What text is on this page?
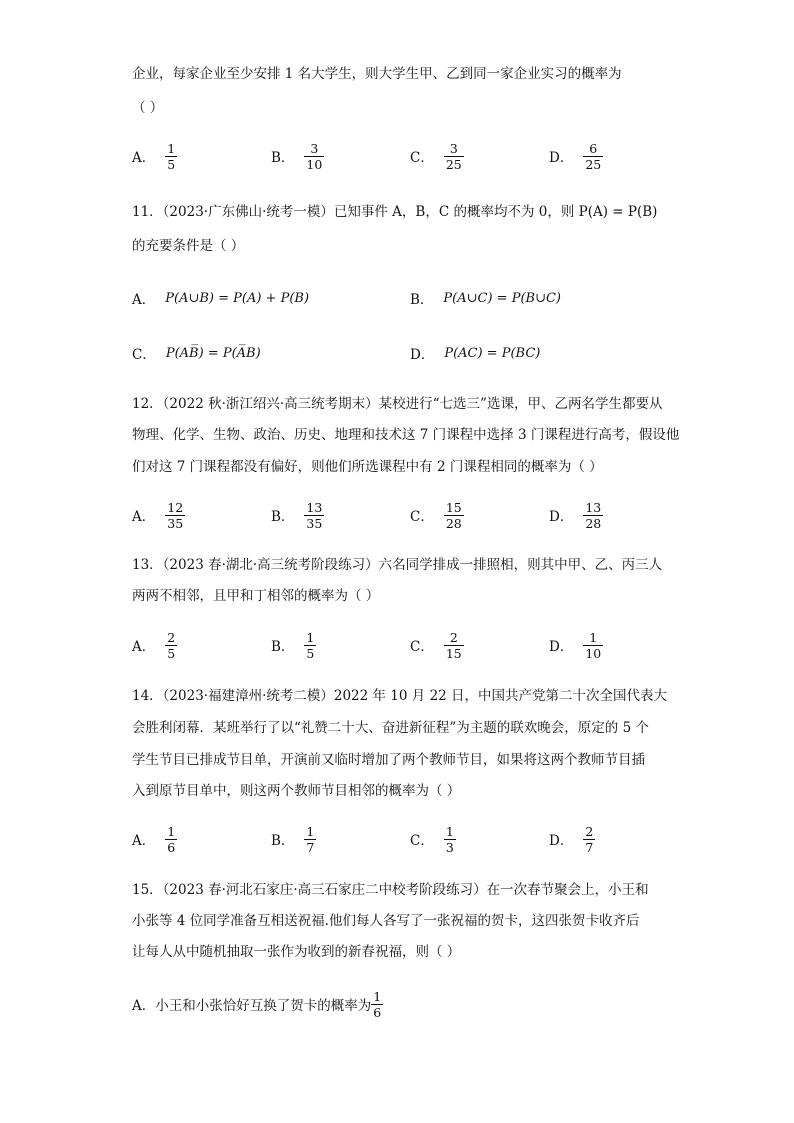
企业，每家企业至少安排 1 名大学生，则大学生甲、乙到同一家企业实习的概率为
（ ）
A． $\frac{1}{5}$	B． $\frac{3}{10}$	C． $\frac{3}{25}$	D． $\frac{6}{25}$
11．（2023·广东佛山·统考一模）已知事件 A，B，C 的概率均不为 0，则 P(A) = P(B)
的充要条件是（ ）
A． P(A∪B) = P(A) + P(B)	B． P(A∪C) = P(B∪C)
C． P(AB̅) = P(A̅B)	D． P(AC) = P(BC)
12．（2022 秋·浙江绍兴·高三统考期末）某校进行“七选三”选课，甲、乙两名学生都要从
物理、化学、生物、政治、历史、地理和技术这 7 门课程中选择 3 门课程进行高考，假设他
们对这 7 门课程都没有偏好，则他们所选课程中有 2 门课程相同的概率为（ ）
A． $\frac{12}{35}$	B． $\frac{13}{35}$	C． $\frac{15}{28}$	D． $\frac{13}{28}$
13．（2023 春·湖北·高三统考阶段练习）六名同学排成一排照相，则其中甲、乙、丙三人
两两不相邻，且甲和丁相邻的概率为（ ）
A． $\frac{2}{5}$	B． $\frac{1}{5}$	C． $\frac{2}{15}$	D． $\frac{1}{10}$
14．（2023·福建漳州·统考二模）2022 年 10 月 22 日，中国共产党第二十次全国代表大
会胜利闭幕．某班举行了以“礼赞二十大、奋进新征程”为主题的联欢晚会，原定的 5 个
学生节目已排成节目单，开演前又临时增加了两个教师节目，如果将这两个教师节目插
入到原节目单中，则这两个教师节目相邻的概率为（ ）
A． $\frac{1}{6}$	B． $\frac{1}{7}$	C． $\frac{1}{3}$	D． $\frac{2}{7}$
15．（2023 春·河北石家庄·高三石家庄二中校考阶段练习）在一次春节聚会上，小王和
小张等 4 位同学准备互相送祝福.他们每人各写了一张祝福的贺卡，这四张贺卡收齐后
让每人从中随机抽取一张作为收到的新春祝福，则（ ）
A． 小王和小张恰好互换了贺卡的概率为 $\frac{1}{6}$
